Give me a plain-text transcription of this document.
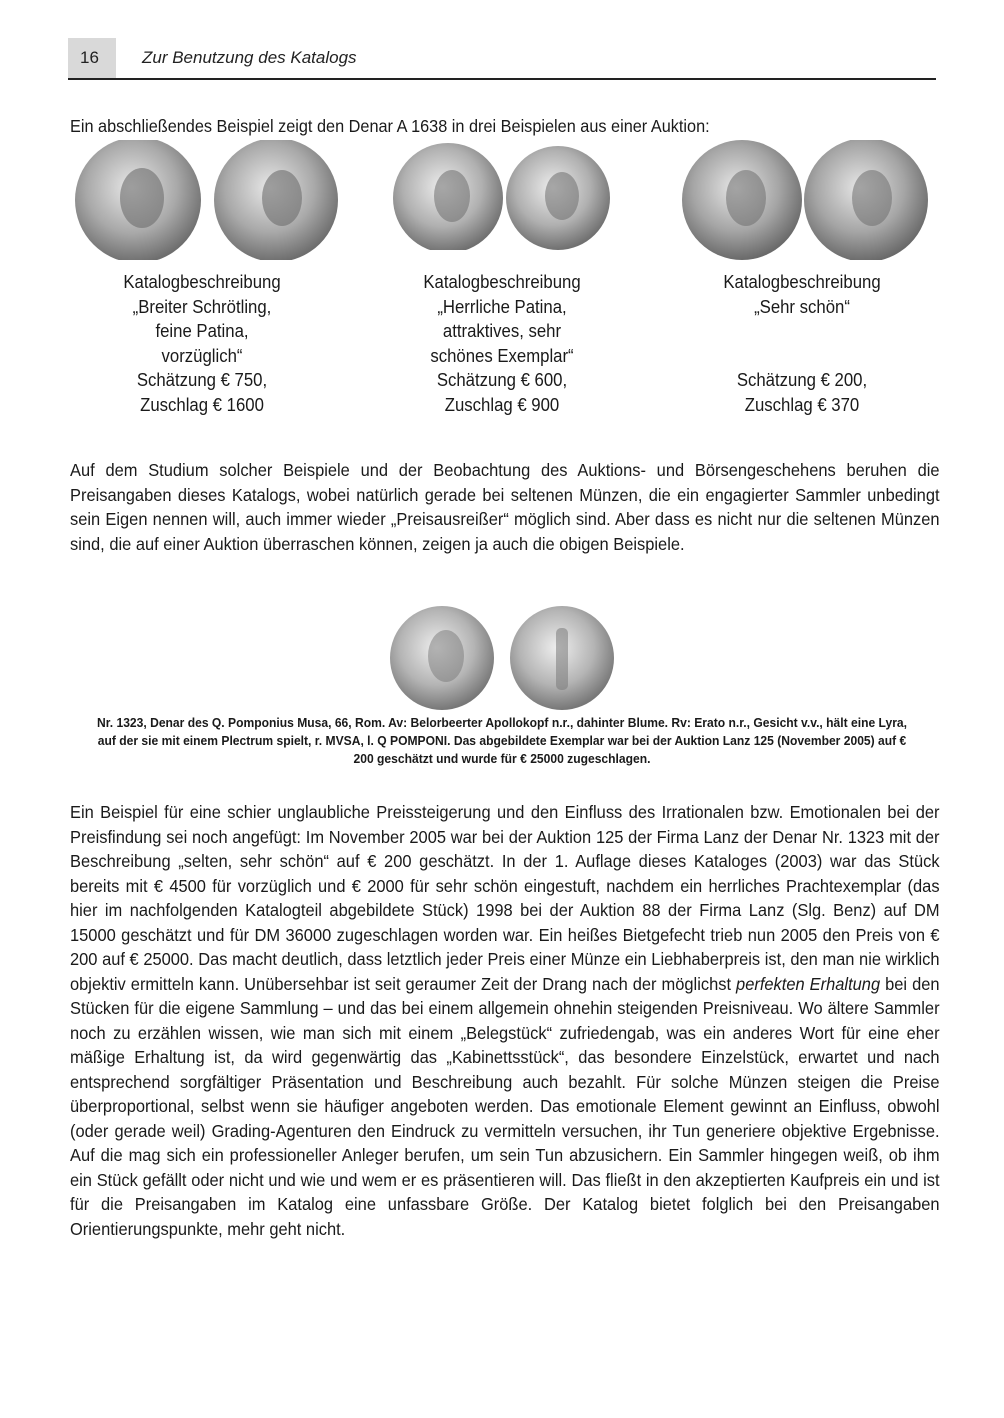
16	Zur Benutzung des Katalogs
Ein abschließendes Beispiel zeigt den Denar A 1638 in drei Beispielen aus einer Auktion:
Katalogbeschreibung
„Breiter Schrötling,
feine Patina,
vorzüglich“
Schätzung € 750,
Zuschlag € 1600
Katalogbeschreibung
„Herrliche Patina,
attraktives, sehr
schönes Exemplar“
Schätzung € 600,
Zuschlag € 900
Katalogbeschreibung
„Sehr schön“
Schätzung € 200,
Zuschlag € 370
Auf dem Studium solcher Beispiele und der Beobachtung des Auktions- und Börsengeschehens beruhen die Preisangaben dieses Katalogs, wobei natürlich gerade bei seltenen Münzen, die ein engagierter Sammler unbedingt sein Eigen nennen will, auch immer wieder „Preisausreißer“ möglich sind. Aber dass es nicht nur die seltenen Münzen sind, die auf einer Auktion überraschen können, zeigen ja auch die obigen Beispiele.
Nr. 1323, Denar des Q. Pomponius Musa, 66, Rom. Av: Belorbeerter Apollokopf n.r., dahinter Blume. Rv: Erato n.r., Gesicht v.v., hält eine Lyra, auf der sie mit einem Plectrum spielt, r. MVSA, l. Q POMPONI. Das abgebildete Exemplar war bei der Auktion Lanz 125 (November 2005) auf € 200 geschätzt und wurde für € 25000 zugeschlagen.
Ein Beispiel für eine schier unglaubliche Preissteigerung und den Einfluss des Irrationalen bzw. Emotionalen bei der Preisfindung sei noch angefügt: Im November 2005 war bei der Auktion 125 der Firma Lanz der Denar Nr. 1323 mit der Beschreibung „selten, sehr schön“ auf € 200 geschätzt. In der 1. Auflage dieses Kataloges (2003) war das Stück bereits mit € 4500 für vorzüglich und € 2000 für sehr schön eingestuft, nachdem ein herrliches Prachtexemplar (das hier im nachfolgenden Katalogteil abgebildete Stück) 1998 bei der Auktion 88 der Firma Lanz (Slg. Benz) auf DM 15000 geschätzt und für DM 36000 zugeschlagen worden war. Ein heißes Bietgefecht trieb nun 2005 den Preis von € 200 auf € 25000. Das macht deutlich, dass letztlich jeder Preis einer Münze ein Liebhaberpreis ist, den man nie wirklich objektiv ermitteln kann. Unübersehbar ist seit geraumer Zeit der Drang nach der möglichst perfekten Erhaltung bei den Stücken für die eigene Sammlung – und das bei einem allgemein ohnehin steigenden Preisniveau. Wo ältere Sammler noch zu erzählen wissen, wie man sich mit einem „Belegstück“ zufriedengab, was ein anderes Wort für eine eher mäßige Erhaltung ist, da wird gegenwärtig das „Kabinettsstück“, das besondere Einzelstück, erwartet und nach entsprechend sorgfältiger Präsentation und Beschreibung auch bezahlt. Für solche Münzen steigen die Preise überproportional, selbst wenn sie häufiger angeboten werden. Das emotionale Element gewinnt an Einfluss, obwohl (oder gerade weil) Grading-Agenturen den Eindruck zu vermitteln versuchen, ihr Tun generiere objektive Ergebnisse. Auf die mag sich ein professioneller Anleger berufen, um sein Tun abzusichern. Ein Sammler hingegen weiß, ob ihm ein Stück gefällt oder nicht und wie und wem er es präsentieren will. Das fließt in den akzeptierten Kaufpreis ein und ist für die Preisangaben im Katalog eine unfassbare Größe. Der Katalog bietet folglich bei den Preisangaben Orientierungspunkte, mehr geht nicht.
